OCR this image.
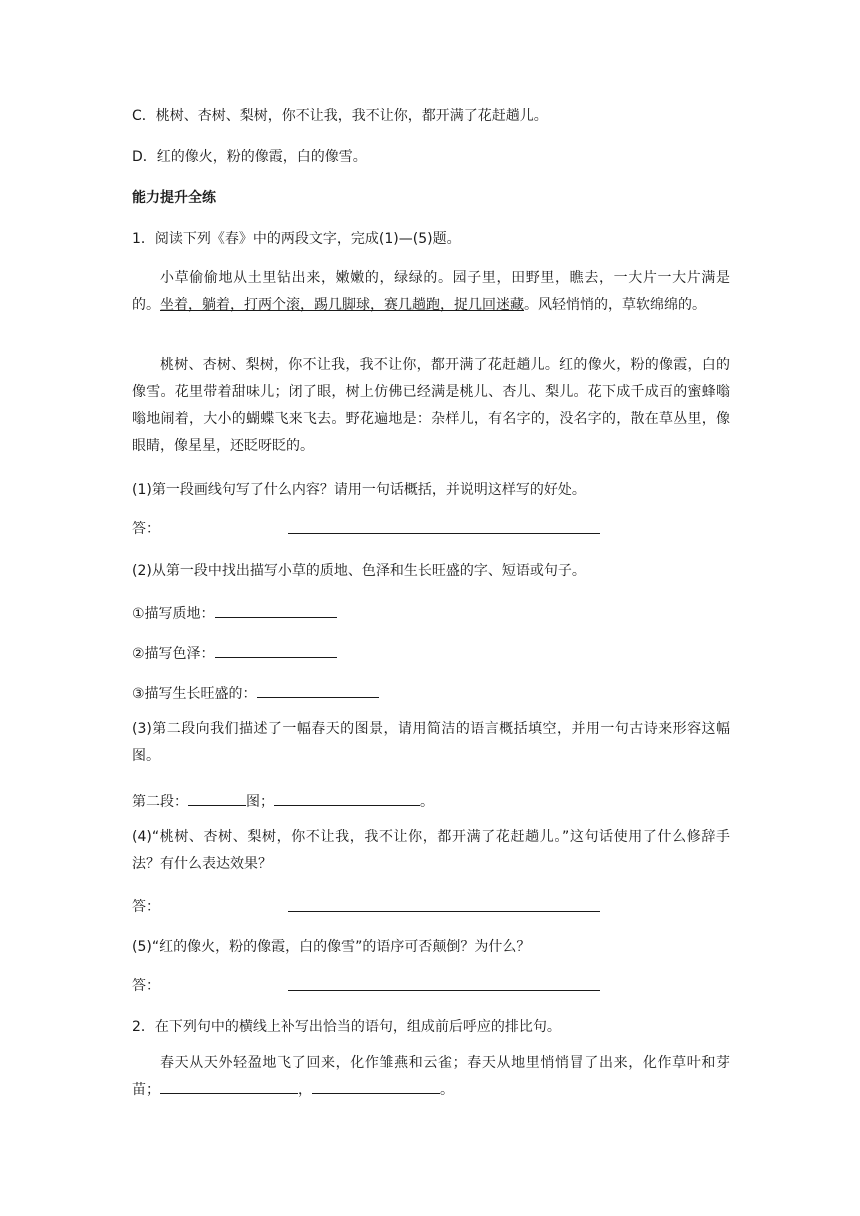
C．桃树、杏树、梨树，你不让我，我不让你，都开满了花赶趟儿。
D．红的像火，粉的像霞，白的像雪。
能力提升全练
1．阅读下列《春》中的两段文字，完成(1)—(5)题。
小草偷偷地从土里钻出来，嫩嫩的，绿绿的。园子里，田野里，瞧去，一大片一大片满是的。坐着，躺着，打两个滚，踢几脚球，赛几趟跑，捉几回迷藏。风轻悄悄的，草软绵绵的。
桃树、杏树、梨树，你不让我，我不让你，都开满了花赶趟儿。红的像火，粉的像霞，白的像雪。花里带着甜味儿；闭了眼，树上仿佛已经满是桃儿、杏儿、梨儿。花下成千成百的蜜蜂嗡嗡地闹着，大小的蝴蝶飞来飞去。野花遍地是：杂样儿，有名字的，没名字的，散在草丛里，像眼睛，像星星，还眨呀眨的。
(1)第一段画线句写了什么内容？请用一句话概括，并说明这样写的好处。
答：
(2)从第一段中找出描写小草的质地、色泽和生长旺盛的字、短语或句子。
①描写质地：
②描写色泽：
③描写生长旺盛的：
(3)第二段向我们描述了一幅春天的图景，请用简洁的语言概括填空，并用一句古诗来形容这幅图。
第二段：	图；	。
(4)“桃树、杏树、梨树，你不让我，我不让你，都开满了花赶趟儿。”这句话使用了什么修辞手法？有什么表达效果？
答：
(5)“红的像火，粉的像霞，白的像雪”的语序可否颠倒？为什么？
答：
2．在下列句中的横线上补写出恰当的语句，组成前后呼应的排比句。
春天从天外轻盈地飞了回来，化作雏燕和云雀；春天从地里悄悄冒了出来，化作草叶和芽苗；	，	。
